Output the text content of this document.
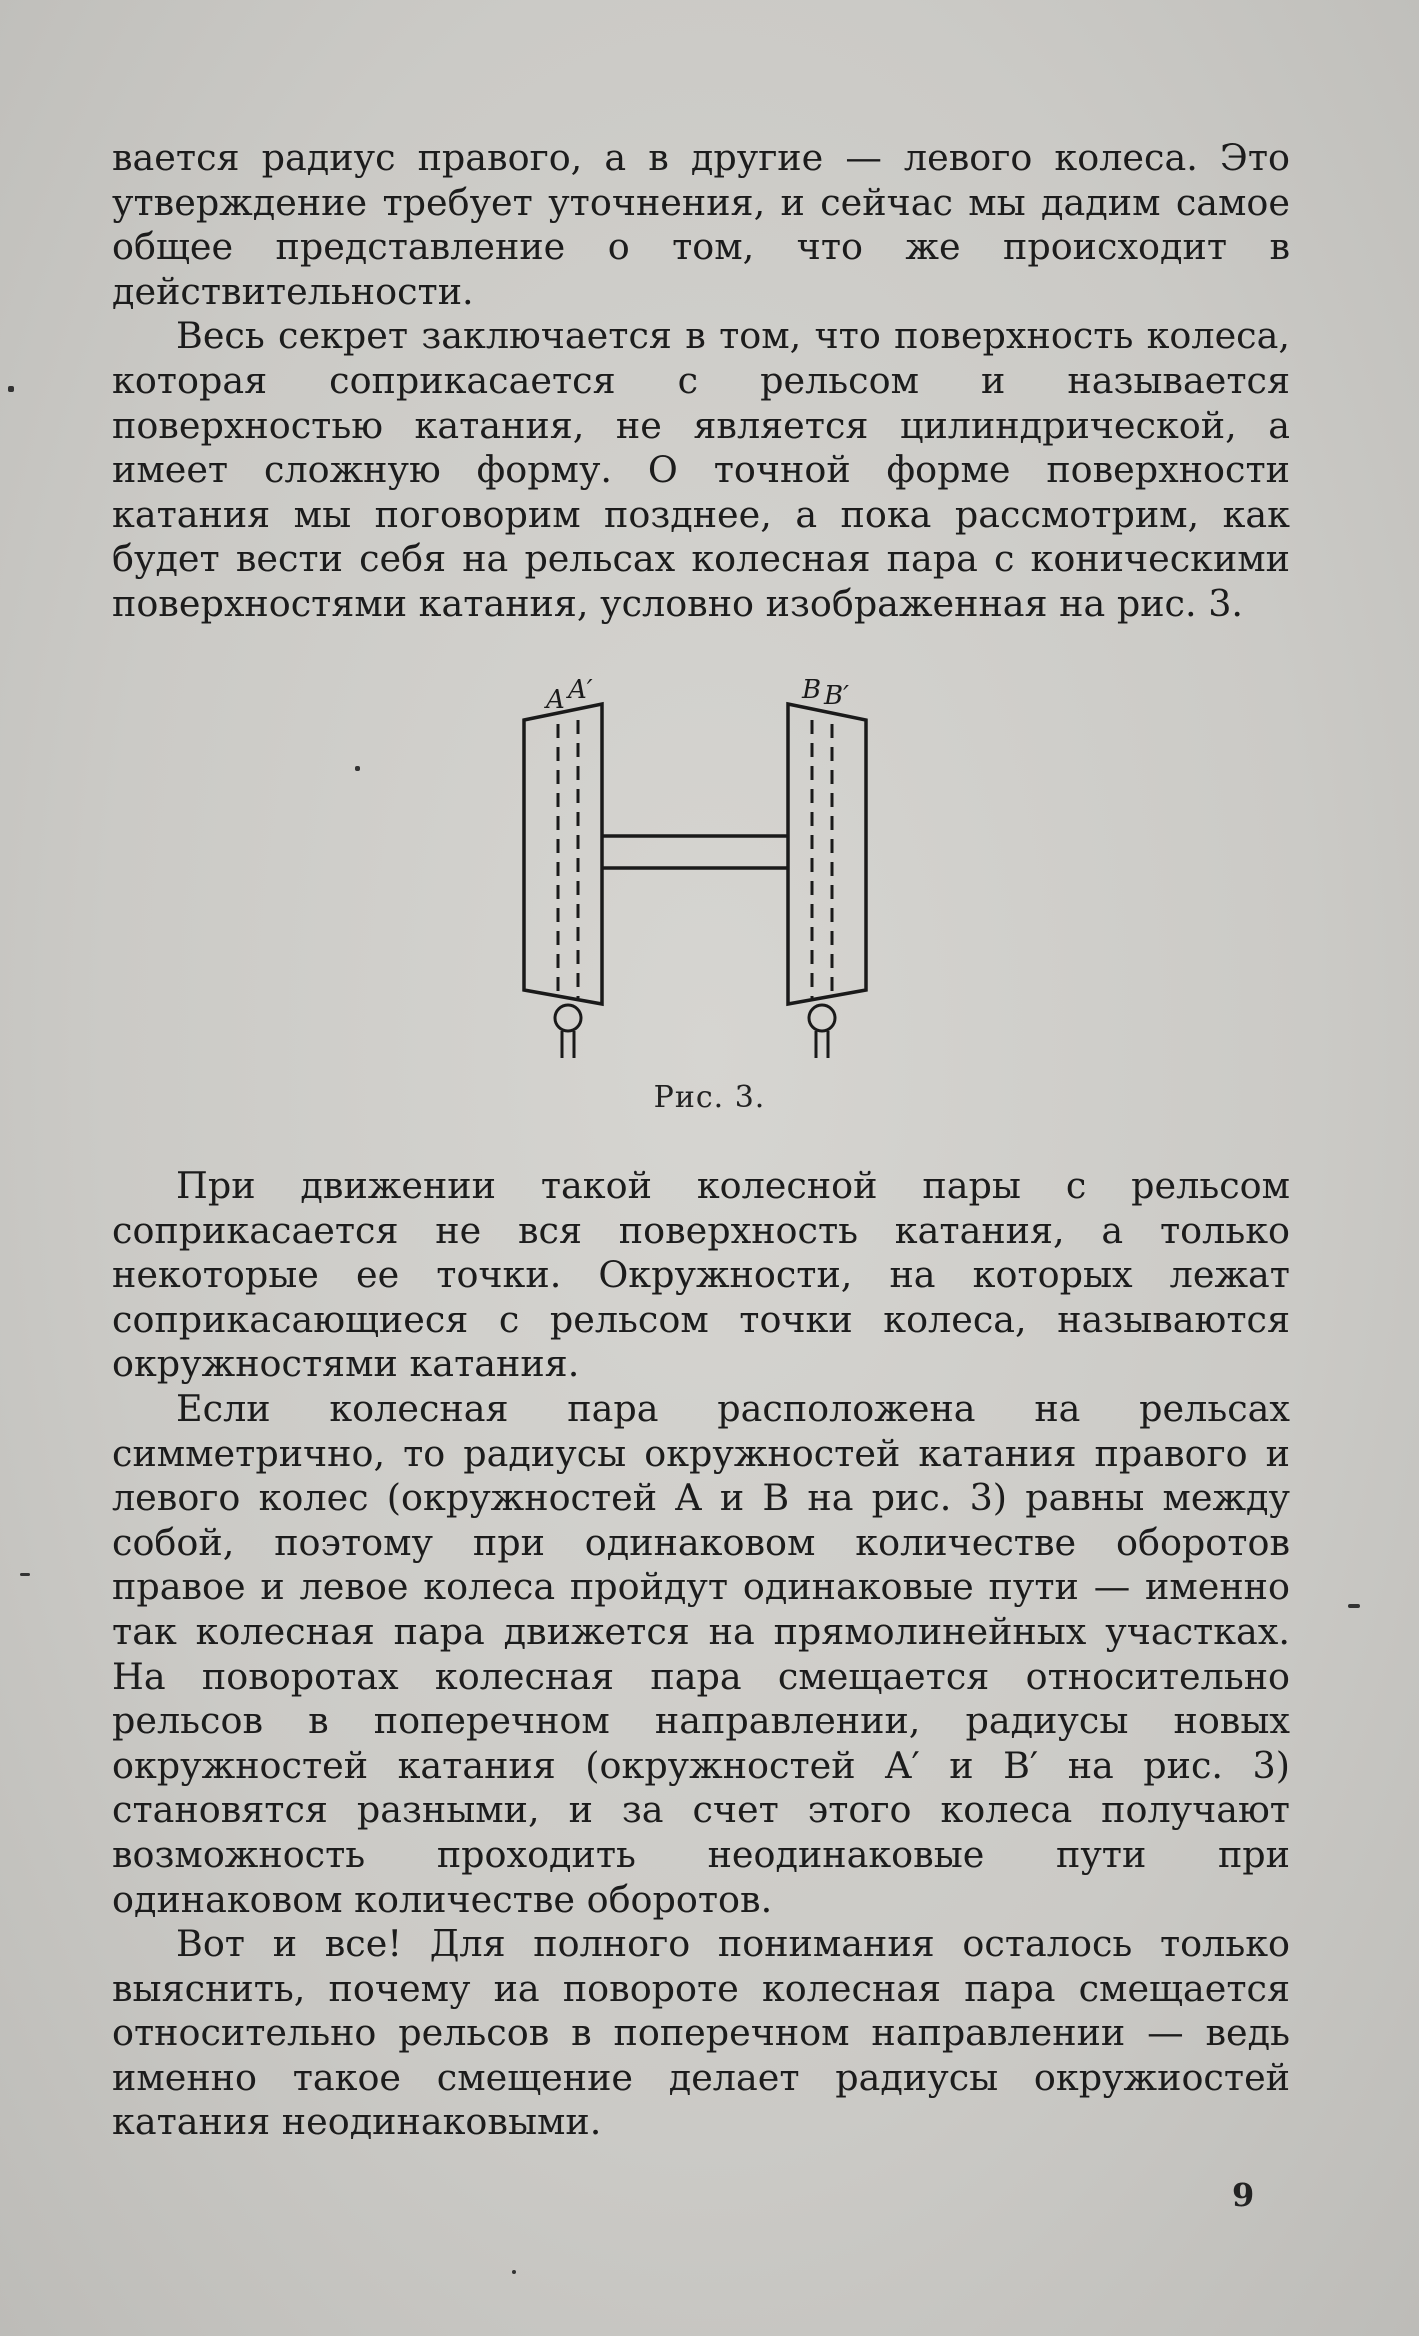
вается радиус правого, а в другие — левого колеса. Это утверждение требует уточнения, и сейчас мы дадим самое общее представление о том, что же происходит в действительности.

Весь секрет заключается в том, что поверхность колеса, которая соприкасается с рельсом и называется поверхностью катания, не является цилиндрической, а имеет сложную форму. О точной форме поверхности катания мы поговорим позднее, а пока рассмотрим, как будет вести себя на рельсах колесная пара с коническими поверхностями катания, условно изображенная на рис. 3.

A A′	B B′
Рис. 3.

При движении такой колесной пары с рельсом соприкасается не вся поверхность катания, а только некоторые ее точки. Окружности, на которых лежат соприкасающиеся с рельсом точки колеса, называются окружностями катания.

Если колесная пара расположена на рельсах симметрично, то радиусы окружностей катания правого и левого колес (окружностей A и B на рис. 3) равны между собой, поэтому при одинаковом количестве оборотов правое и левое колеса пройдут одинаковые пути — именно так колесная пара движется на прямолинейных участках. На поворотах колесная пара смещается относительно рельсов в поперечном направлении, радиусы новых окружностей катания (окружностей A′ и B′ на рис. 3) становятся разными, и за счет этого колеса получают возможность проходить неодинаковые пути при одинаковом количестве оборотов.

Вот и все! Для полного понимания осталось только выяснить, почему иа повороте колесная пара смещается относительно рельсов в поперечном направлении — ведь именно такое смещение делает радиусы окружиостей катания неодинаковыми.

9
